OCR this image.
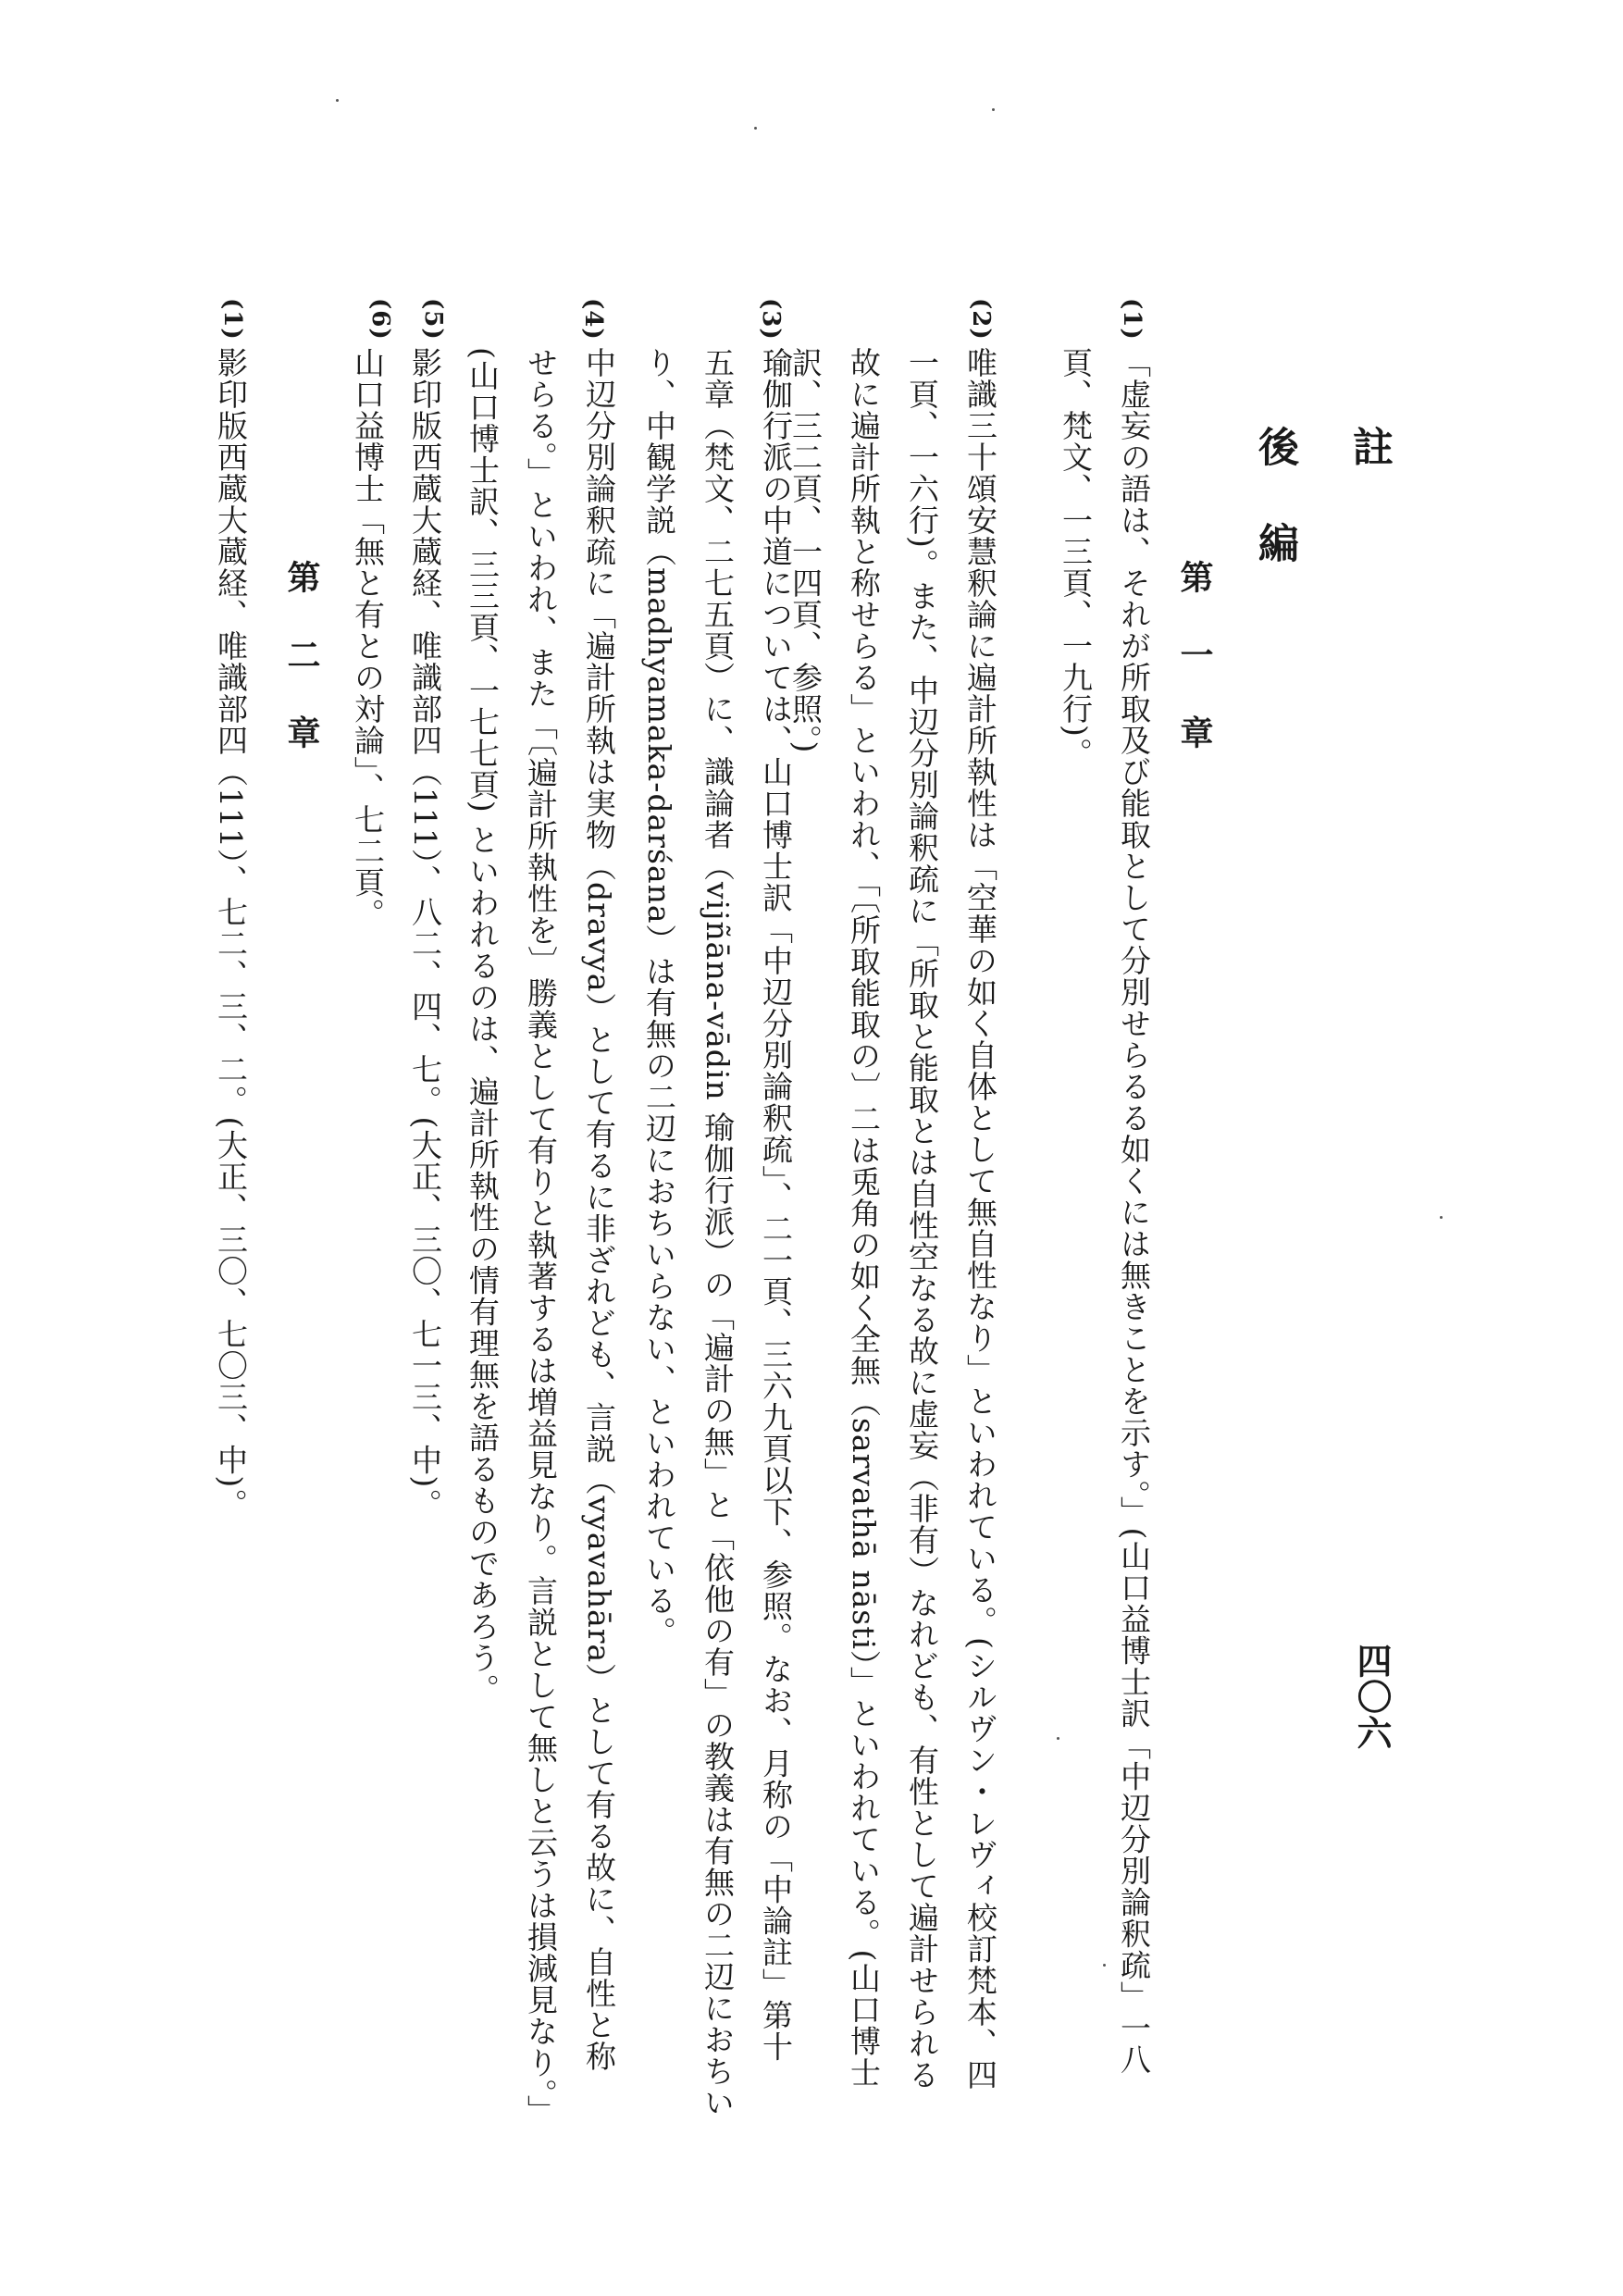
註
四〇六
後　編
第　一　章
(1)
「虚妄の語は、それが所取及び能取として分別せらるる如くには無きことを示す。」(山口益博士訳「中辺分別論釈疏」一八
頁、梵文、一三頁、一九行)。
(2)
唯識三十頌安慧釈論に遍計所執性は「空華の如く自体として無自性なり」といわれている。(シルヴン・レヴィ校訂梵本、四
一頁、一六行)。また、中辺分別論釈疏に「所取と能取とは自性空なる故に虚妄（非有）なれども、有性として遍計せられる
故に遍計所執と称せらる」といわれ、「〔所取能取の〕二は兎角の如く全無（sarvathā nāsti）」といわれている。(山口博士
訳、三二頁、一四頁、参照。)
(3)
瑜伽行派の中道については、山口博士訳「中辺分別論釈疏」、二一頁、三六九頁以下、参照。なお、月称の「中論註」第十
五章（梵文、二七五頁）に、識論者（vijñāna-vādin 瑜伽行派）の「遍計の無」と「依他の有」の教義は有無の二辺におちい
り、中観学説（madhyamaka-darśana）は有無の二辺におちいらない、といわれている。
(4)
中辺分別論釈疏に「遍計所執は実物（dravya）として有るに非ざれども、言説（vyavahāra）として有る故に、自性と称
せらる。」といわれ、また「〔遍計所執性を〕勝義として有りと執著するは増益見なり。言説として無しと云うは損減見なり。」
(山口博士訳、三三頁、一七七頁) といわれるのは、遍計所執性の情有理無を語るものであろう。
(5)
影印版西蔵大蔵経、唯識部四（111）、八二、四、七。(大正、三〇、七一三、中)。
(6)
山口益博士「無と有との対論」、七二頁。
第　二　章
(1)
影印版西蔵大蔵経、唯識部四（111）、七二、三、二。(大正、三〇、七〇三、中)。
